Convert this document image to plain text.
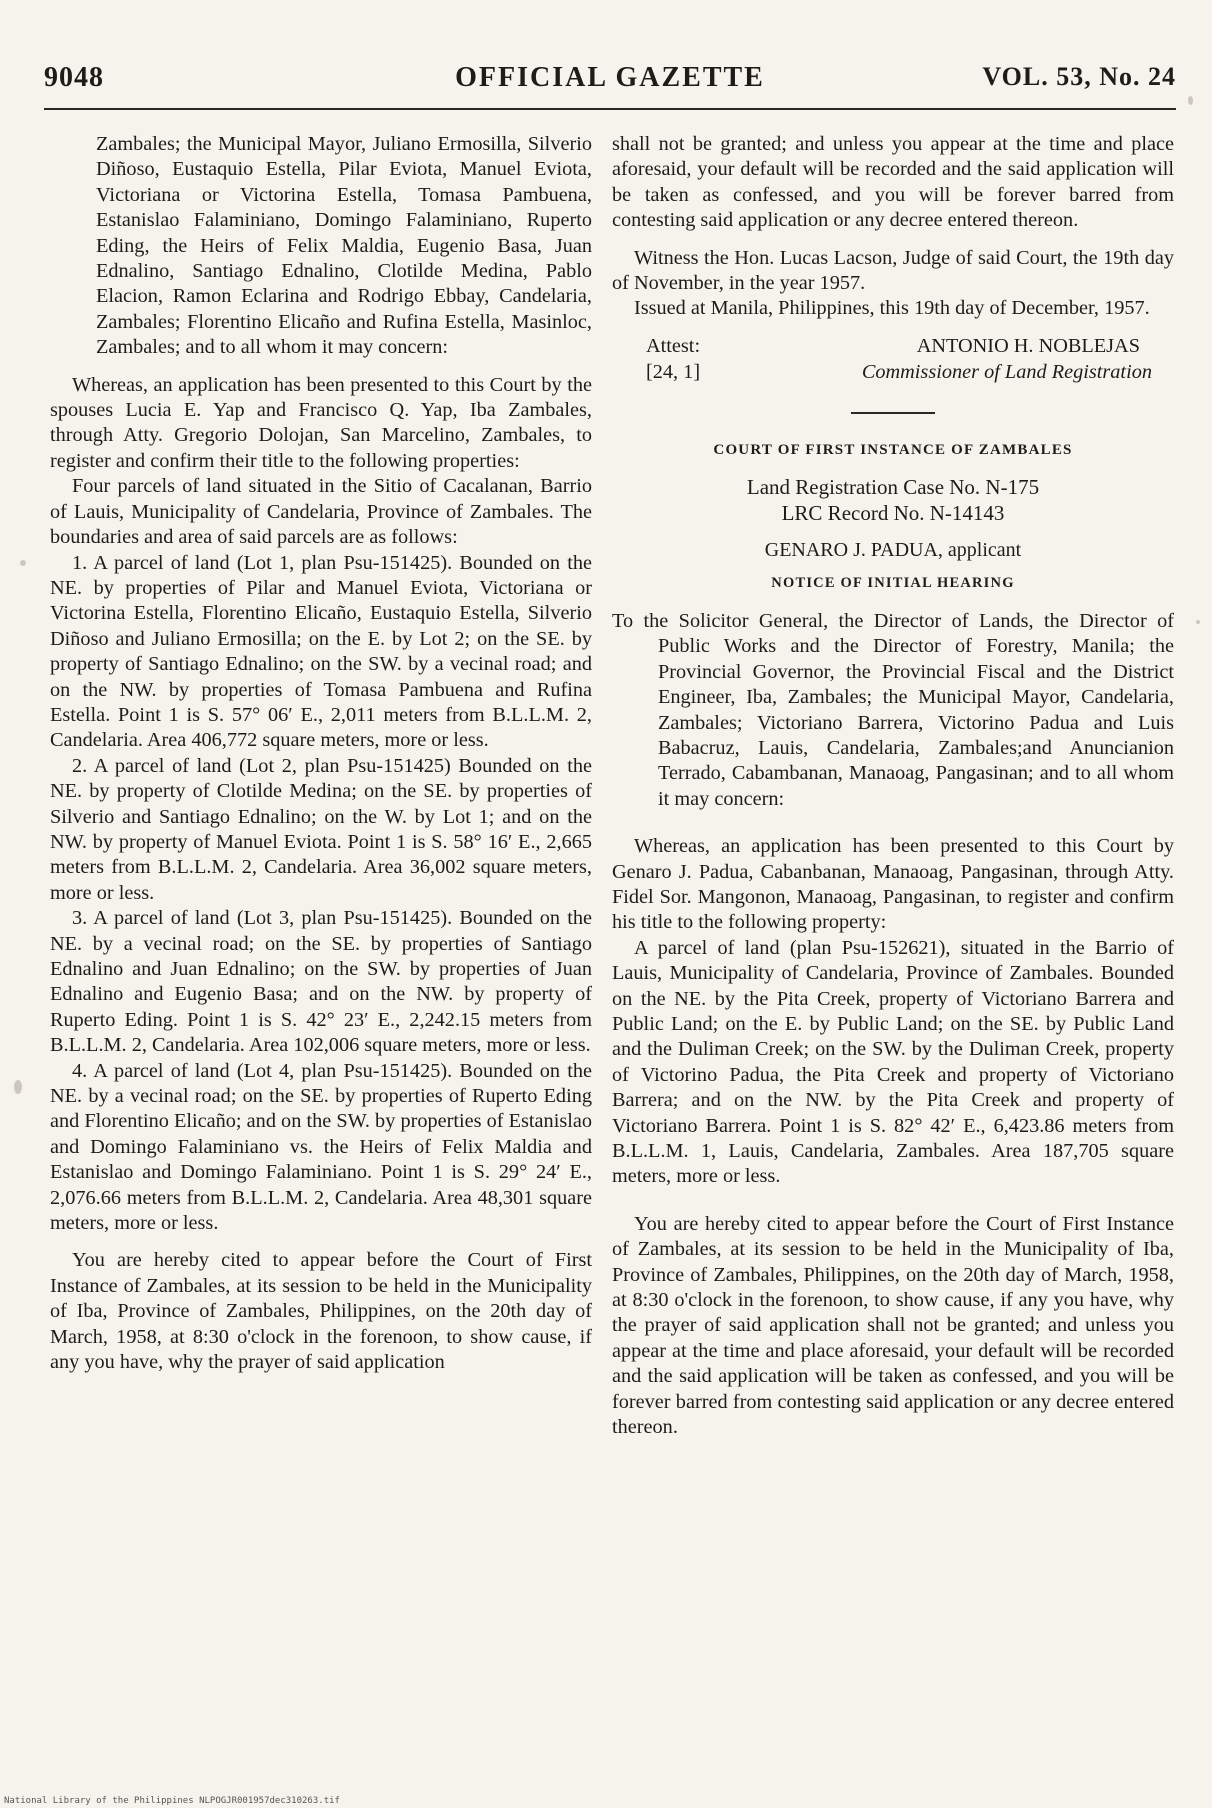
9048	OFFICIAL GAZETTE	VOL. 53, No. 24

Zambales; the Municipal Mayor, Juliano Ermosilla, Silverio Diñoso, Eustaquio Estella, Pilar Eviota, Manuel Eviota, Victoriana or Victorina Estella, Tomasa Pambuena, Estanislao Falaminiano, Domingo Falaminiano, Ruperto Eding, the Heirs of Felix Maldia, Eugenio Basa, Juan Ednalino, Santiago Ednalino, Clotilde Medina, Pablo Elacion, Ramon Eclarina and Rodrigo Ebbay, Candelaria, Zambales; Florentino Elicaño and Rufina Estella, Masinloc, Zambales; and to all whom it may concern:

Whereas, an application has been presented to this Court by the spouses Lucia E. Yap and Francisco Q. Yap, Iba Zambales, through Atty. Gregorio Dolojan, San Marcelino, Zambales, to register and confirm their title to the following properties:

Four parcels of land situated in the Sitio of Cacalanan, Barrio of Lauis, Municipality of Candelaria, Province of Zambales. The boundaries and area of said parcels are as follows:

1. A parcel of land (Lot 1, plan Psu-151425). Bounded on the NE. by properties of Pilar and Manuel Eviota, Victoriana or Victorina Estella, Florentino Elicaño, Eustaquio Estella, Silverio Diñoso and Juliano Ermosilla; on the E. by Lot 2; on the SE. by property of Santiago Ednalino; on the SW. by a vecinal road; and on the NW. by properties of Tomasa Pambuena and Rufina Estella. Point 1 is S. 57° 06′ E., 2,011 meters from B.L.L.M. 2, Candelaria. Area 406,772 square meters, more or less.

2. A parcel of land (Lot 2, plan Psu-151425) Bounded on the NE. by property of Clotilde Medina; on the SE. by properties of Silverio and Santiago Ednalino; on the W. by Lot 1; and on the NW. by property of Manuel Eviota. Point 1 is S. 58° 16′ E., 2,665 meters from B.L.L.M. 2, Candelaria. Area 36,002 square meters, more or less.

3. A parcel of land (Lot 3, plan Psu-151425). Bounded on the NE. by a vecinal road; on the SE. by properties of Santiago Ednalino and Juan Ednalino; on the SW. by properties of Juan Ednalino and Eugenio Basa; and on the NW. by property of Ruperto Eding. Point 1 is S. 42° 23′ E., 2,242.15 meters from B.L.L.M. 2, Candelaria. Area 102,006 square meters, more or less.

4. A parcel of land (Lot 4, plan Psu-151425). Bounded on the NE. by a vecinal road; on the SE. by properties of Ruperto Eding and Florentino Elicaño; and on the SW. by properties of Estanislao and Domingo Falaminiano vs. the Heirs of Felix Maldia and Estanislao and Domingo Falaminiano. Point 1 is S. 29° 24′ E., 2,076.66 meters from B.L.L.M. 2, Candelaria. Area 48,301 square meters, more or less.

You are hereby cited to appear before the Court of First Instance of Zambales, at its session to be held in the Municipality of Iba, Province of Zambales, Philippines, on the 20th day of March, 1958, at 8:30 o'clock in the forenoon, to show cause, if any you have, why the prayer of said application

shall not be granted; and unless you appear at the time and place aforesaid, your default will be recorded and the said application will be taken as confessed, and you will be forever barred from contesting said application or any decree entered thereon.

Witness the Hon. Lucas Lacson, Judge of said Court, the 19th day of November, in the year 1957.

Issued at Manila, Philippines, this 19th day of December, 1957.

Attest:	ANTONIO H. NOBLEJAS
[24, 1]	Commissioner of Land Registration
COURT OF FIRST INSTANCE OF ZAMBALES
Land Registration Case No. N-175
LRC Record No. N-14143
GENARO J. PADUA, applicant
NOTICE OF INITIAL HEARING

To the Solicitor General, the Director of Lands, the Director of Public Works and the Director of Forestry, Manila; the Provincial Governor, the Provincial Fiscal and the District Engineer, Iba, Zambales; the Municipal Mayor, Candelaria, Zambales; Victoriano Barrera, Victorino Padua and Luis Babacruz, Lauis, Candelaria, Zambales;and Anuncianion Terrado, Cabambanan, Manaoag, Pangasinan; and to all whom it may concern:

Whereas, an application has been presented to this Court by Genaro J. Padua, Cabanbanan, Manaoag, Pangasinan, through Atty. Fidel Sor. Mangonon, Manaoag, Pangasinan, to register and confirm his title to the following property:

A parcel of land (plan Psu-152621), situated in the Barrio of Lauis, Municipality of Candelaria, Province of Zambales. Bounded on the NE. by the Pita Creek, property of Victoriano Barrera and Public Land; on the E. by Public Land; on the SE. by Public Land and the Duliman Creek; on the SW. by the Duliman Creek, property of Victorino Padua, the Pita Creek and property of Victoriano Barrera; and on the NW. by the Pita Creek and property of Victoriano Barrera. Point 1 is S. 82° 42′ E., 6,423.86 meters from B.L.L.M. 1, Lauis, Candelaria, Zambales. Area 187,705 square meters, more or less.

You are hereby cited to appear before the Court of First Instance of Zambales, at its session to be held in the Municipality of Iba, Province of Zambales, Philippines, on the 20th day of March, 1958, at 8:30 o'clock in the forenoon, to show cause, if any you have, why the prayer of said application shall not be granted; and unless you appear at the time and place aforesaid, your default will be recorded and the said application will be taken as confessed, and you will be forever barred from contesting said application or any decree entered thereon.

National Library of the Philippines NLPOGJR001957dec310263.tif
